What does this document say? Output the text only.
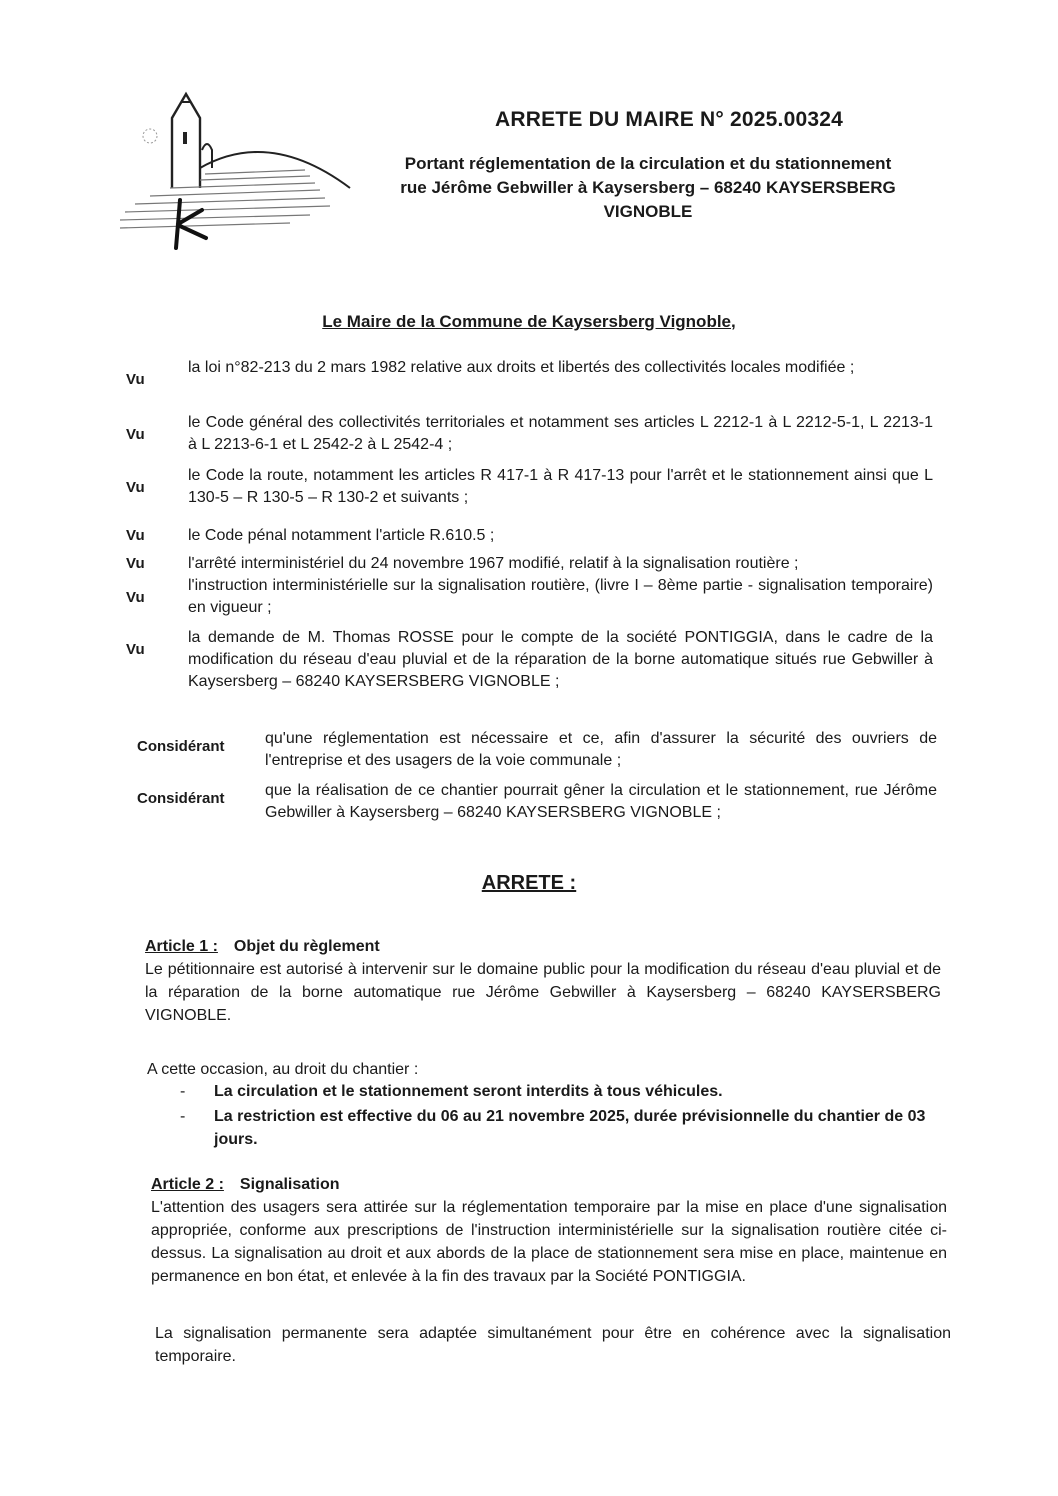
ARRETE DU MAIRE N° 2025.00324
Portant réglementation de la circulation et du stationnement
rue Jérôme Gebwiller à Kaysersberg – 68240 KAYSERSBERG
VIGNOBLE
Le Maire de la Commune de Kaysersberg Vignoble,
Vu
la loi n°82-213 du 2 mars 1982 relative aux droits et libertés des collectivités locales modifiée ;
Vu
le Code général des collectivités territoriales et notamment ses articles L 2212-1 à L 2212-5-1, L 2213-1 à L 2213-6-1 et L 2542-2 à L 2542-4 ;
Vu
le Code la route, notamment les articles R 417-1 à R 417-13 pour l'arrêt et le stationnement ainsi que L 130-5 – R 130-5 – R 130-2 et suivants ;
Vu	le Code pénal notamment l'article R.610.5 ;
Vu	l'arrêté interministériel du 24 novembre 1967 modifié, relatif à la signalisation routière ;
Vu
l'instruction interministérielle sur la signalisation routière, (livre I – 8ème partie - signalisation temporaire) en vigueur ;
Vu
la demande de M. Thomas ROSSE pour le compte de la société PONTIGGIA, dans le cadre de la modification du réseau d'eau pluvial et de la réparation de la borne automatique situés rue Gebwiller à Kaysersberg – 68240 KAYSERSBERG VIGNOBLE ;
Considérant	qu'une réglementation est nécessaire et ce, afin d'assurer la sécurité des ouvriers de l'entreprise et des usagers de la voie communale ;
Considérant	que la réalisation de ce chantier pourrait gêner la circulation et le stationnement, rue Jérôme Gebwiller à Kaysersberg – 68240 KAYSERSBERG VIGNOBLE ;
ARRETE :
Article 1 : Objet du règlement
Le pétitionnaire est autorisé à intervenir sur le domaine public pour la modification du réseau d'eau pluvial et de la réparation de la borne automatique rue Jérôme Gebwiller à Kaysersberg – 68240 KAYSERSBERG VIGNOBLE.
A cette occasion, au droit du chantier :
- La circulation et le stationnement seront interdits à tous véhicules.
- La restriction est effective du 06 au 21 novembre 2025, durée prévisionnelle du chantier de 03 jours.
Article 2 : Signalisation
L'attention des usagers sera attirée sur la réglementation temporaire par la mise en place d'une signalisation appropriée, conforme aux prescriptions de l'instruction interministérielle sur la signalisation routière citée ci-dessus. La signalisation au droit et aux abords de la place de stationnement sera mise en place, maintenue en permanence en bon état, et enlevée à la fin des travaux par la Société PONTIGGIA.
La signalisation permanente sera adaptée simultanément pour être en cohérence avec la signalisation temporaire.
